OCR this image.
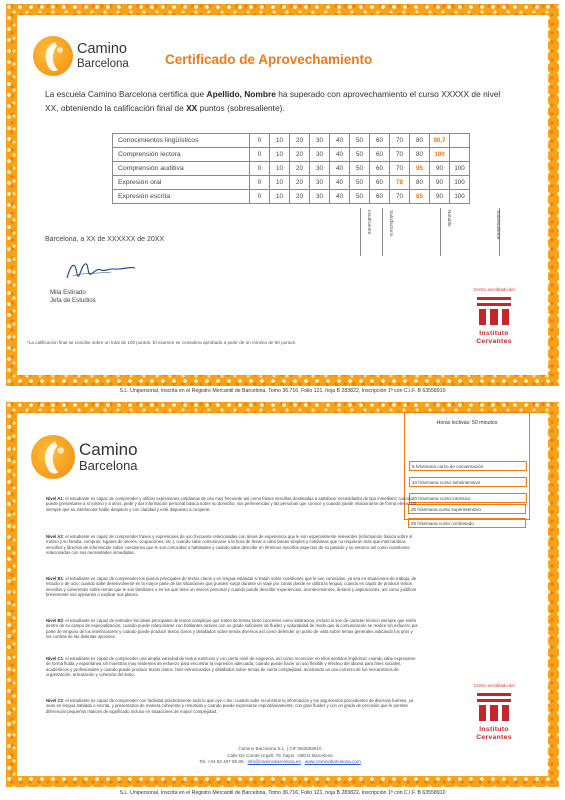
Camino
Barcelona	Certificado de Aprovechamiento
La escuela Camino Barcelona certifica que Apellido, Nombre ha superado con aprovechamiento el curso XXXXX de nivel XX, obteniendo la calificación final de XX puntos (sobresaliente).
Conocimientos lingüísticos	0	10	20	30	40	50	60	70	80	90,7	
Comprensión lectora	0	10	20	30	40	50	60	70	80	100	
Comprensión auditiva	0	10	20	30	40	50	60	70	95	90	100
Expresión oral	0	10	20	30	40	50	60	78	80	90	100
Expresión escrita	0	10	20	30	40	50	60	70	85	90	100
Insuficiente	Satisfactorio	Notable	Sobresaliente
Barcelona, a XX de XXXXXX de 20XX
Mila Estirado
Jefa de Estudios
*La calificación final se concibe sobre un total de 100 puntos. El examen se considera aprobado a partir de un mínimo de 60 puntos.
Centro acreditado del
Instituto
Cervantes
S.L. Unipersonal, Inscrita en el Registro Mercantil de Barcelona, Tomo 36.716, Folio 121, hoja B 283822, Inscripción 1ª con C.I.F. B 63558910
Camino
Barcelona
Horas lectivas: 50 minutos
5 h/semana curso de conversación
10 h/semana curso semiintensivo
20 h/semana curso intensivo
25 h/semana curso superintensivo
25 h/semana curso combinado
Nivel A1: el estudiante es capaz de comprender y utilizar expresiones cotidianas de uso muy frecuente así como frases sencillas destinadas a satisfacer necesidades de tipo inmediato; cuando puede presentarse a sí mismo y a otros, pedir y dar información personal básica sobre su domicilio, sus pertenencias y las personas que conoce y cuando puede relacionarse de forma elemental siempre que su interlocutor hable despacio y con claridad y esté dispuesto a cooperar.
Nivel A2: el estudiante es capaz de comprender frases y expresiones de uso frecuente relacionadas con áreas de experiencia que le son especialmente relevantes (información básica sobre sí mismo y su familia, compras, lugares de interés, ocupaciones, etc.); cuando sabe comunicarse a la hora de llevar a cabo tareas simples y cotidianas que no requieran más que intercambios sencillos y directos de información sobre cuestiones que le son conocidas o habituales y cuando sabe describir en términos sencillos aspectos de su pasado y su entorno así como cuestiones relacionadas con sus necesidades inmediatas.
Nivel B1: el estudiante es capaz de comprender los puntos principales de textos claros y en lengua estándar si tratan sobre cuestiones que le son conocidas, ya sea en situaciones de trabajo, de estudio o de ocio; cuando sabe desenvolverse en la mayor parte de las situaciones que pueden surgir durante un viaje por zonas donde se utiliza la lengua; cuando es capaz de producir textos sencillos y coherentes sobre temas que le son familiares o en los que tiene un interés personal y cuando puede describir experiencias, acontecimientos, deseos y aspiraciones, así como justificar brevemente sus opiniones o explicar sus planes.
Nivel B2: el estudiante es capaz de entender las ideas principales de textos complejos que traten de temas tanto concretos como abstractos, incluso si son de carácter técnico siempre que estén dentro de su campo de especialización; cuando puede relacionarse con hablantes nativos con un grado suficiente de fluidez y naturalidad de modo que la comunicación se realice sin esfuerzo por parte de ninguno de los interlocutores y cuando puede producir textos claros y detallados sobre temas diversos así como defender un punto de vista sobre temas generales indicando los pros y los contras de las distintas opciones.
Nivel C1: el estudiante es capaz de comprender una amplia variedad de textos extensos y con cierto nivel de exigencia, así como reconocer en ellos sentidos implícitos; cuando sabe expresarse de forma fluida y espontánea sin muestras muy evidentes de esfuerzo para encontrar la expresión adecuada; cuando puede hacer un uso flexible y efectivo del idioma para fines sociales, académicos y profesionales y cuando puede producir textos claros, bien estructurados y detallados sobre temas de cierta complejidad, mostrando un uso correcto de los mecanismos de organización, articulación y cohesión del texto.
Nivel C2: el estudiante es capaz de comprender con facilidad prácticamente todo lo que oye o lee; cuando sabe reconstruir la información y los argumentos procedentes de diversas fuentes, ya sean en lengua hablada o escrita, y presentarlos de manera coherente y resumida y cuando puede expresarse espontáneamente, con gran fluidez y con un grado de precisión que le permite diferenciar pequeños matices de significado incluso en situaciones de mayor complejidad.
Centro acreditado del
Instituto
Cervantes
Camino Barcelona S.L. | CIF B63558910
Calle De Comte Urgell, 78, bajos · 08011 Barcelona
Tel. +34 93 467 85 85 · info@caminobarcelona.es · www.caminobarcelona.com
S.L. Unipersonal, Inscrita en el Registro Mercantil de Barcelona, Tomo 36.716, Folio 121, hoja B 283822, Inscripción 1ª con C.I.F. B 63558910
